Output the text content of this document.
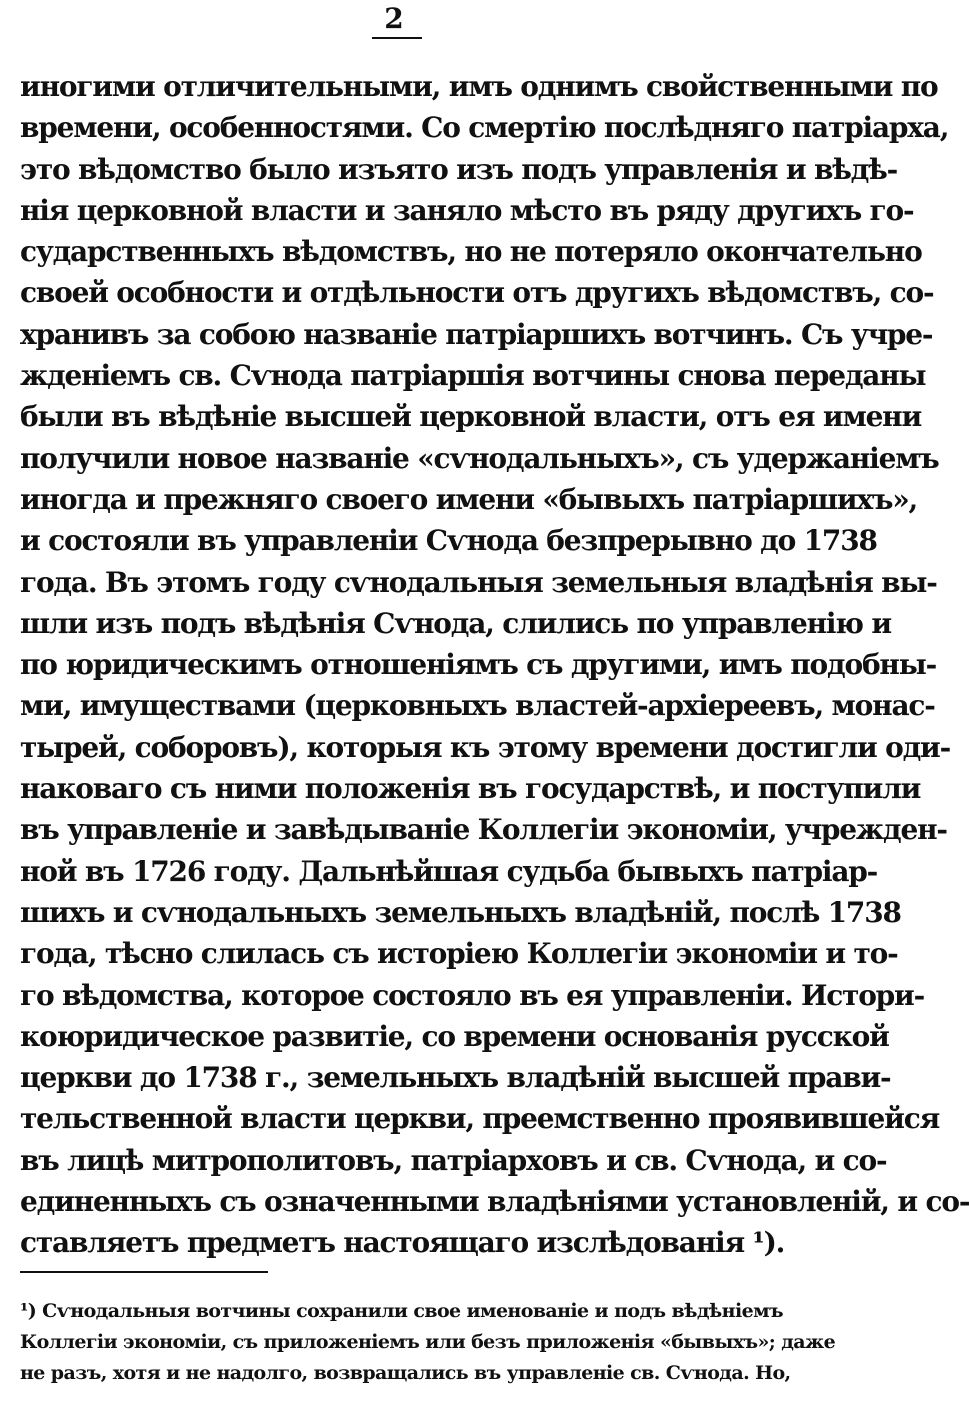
2
иногими отличительными, имъ однимъ свойственными по
времени, особенностями. Со смертію послѣдняго патріарха,
это вѣдомство было изъято изъ подъ управленія и вѣдѣ-
нія церковной власти и заняло мѣсто въ ряду другихъ го-
сударственныхъ вѣдомствъ, но не потеряло окончательно
своей особности и отдѣльности отъ другихъ вѣдомствъ, со-
хранивъ за собою названіе патріаршихъ вотчинъ. Съ учре-
жденіемъ св. Сѵнода патріаршія вотчины снова переданы
были въ вѣдѣніе высшей церковной власти, отъ ея имени
получили новое названіе «сѵнодальныхъ», съ удержаніемъ
иногда и прежняго своего имени «бывыхъ патріаршихъ»,
и состояли въ управленіи Сѵнода безпрерывно до 1738
года. Въ этомъ году сѵнодальныя земельныя владѣнія вы-
шли изъ подъ вѣдѣнія Сѵнода, слились по управленію и
по юридическимъ отношеніямъ съ другими, имъ подобны-
ми, имуществами (церковныхъ властей-архіереевъ, монас-
тырей, соборовъ), которыя къ этому времени достигли оди-
наковаго съ ними положенія въ государствѣ, и поступили
въ управленіе и завѣдываніе Коллегіи экономіи, учрежден-
ной въ 1726 году. Дальнѣйшая судьба бывыхъ патріар-
шихъ и сѵнодальныхъ земельныхъ владѣній, послѣ 1738
года, тѣсно слилась съ исторіею Коллегіи экономіи и то-
го вѣдомства, которое состояло въ ея управленіи. Истори-
коюридическое развитіе, со времени основанія русской
церкви до 1738 г., земельныхъ владѣній высшей прави-
тельственной власти церкви, преемственно проявившейся
въ лицѣ митрополитовъ, патріарховъ и св. Сѵнода, и со-
единенныхъ съ означенными владѣніями установленій, и со-
ставляетъ предметъ настоящаго изслѣдованія ¹).
¹) Сѵнодальныя вотчины сохранили свое именованіе и подъ вѣдѣніемъ
Коллегіи экономіи, съ приложеніемъ или безъ приложенія «бывыхъ»; даже
не разъ, хотя и не надолго, возвращались въ управленіе св. Сѵнода. Но,
